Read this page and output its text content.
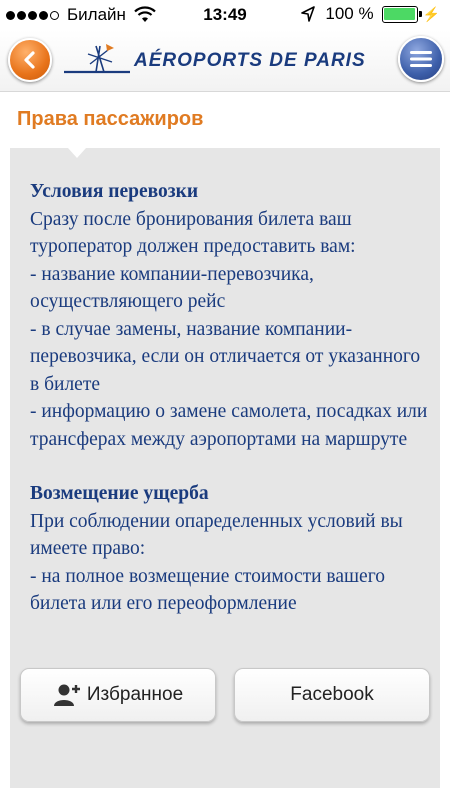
Билайн	13:49	100 %	⚡
AÉROPORTS DE PARIS
Права пассажиров
Условия перевозки

Сразу после бронирования билета ваш туроператор должен предоставить вам:
- название компании-перевозчика, осуществляющего рейс
- в случае замены, название компании-перевозчика, если он отличается от указанного в билете
- информацию о замене самолета, посадках или трансферах между аэропортами на маршруте

Возмещение ущерба

При соблюдении опаределенных условий вы имеете право:
- на полное возмещение стоимости вашего билета или его переоформление

Избранное	Facebook
